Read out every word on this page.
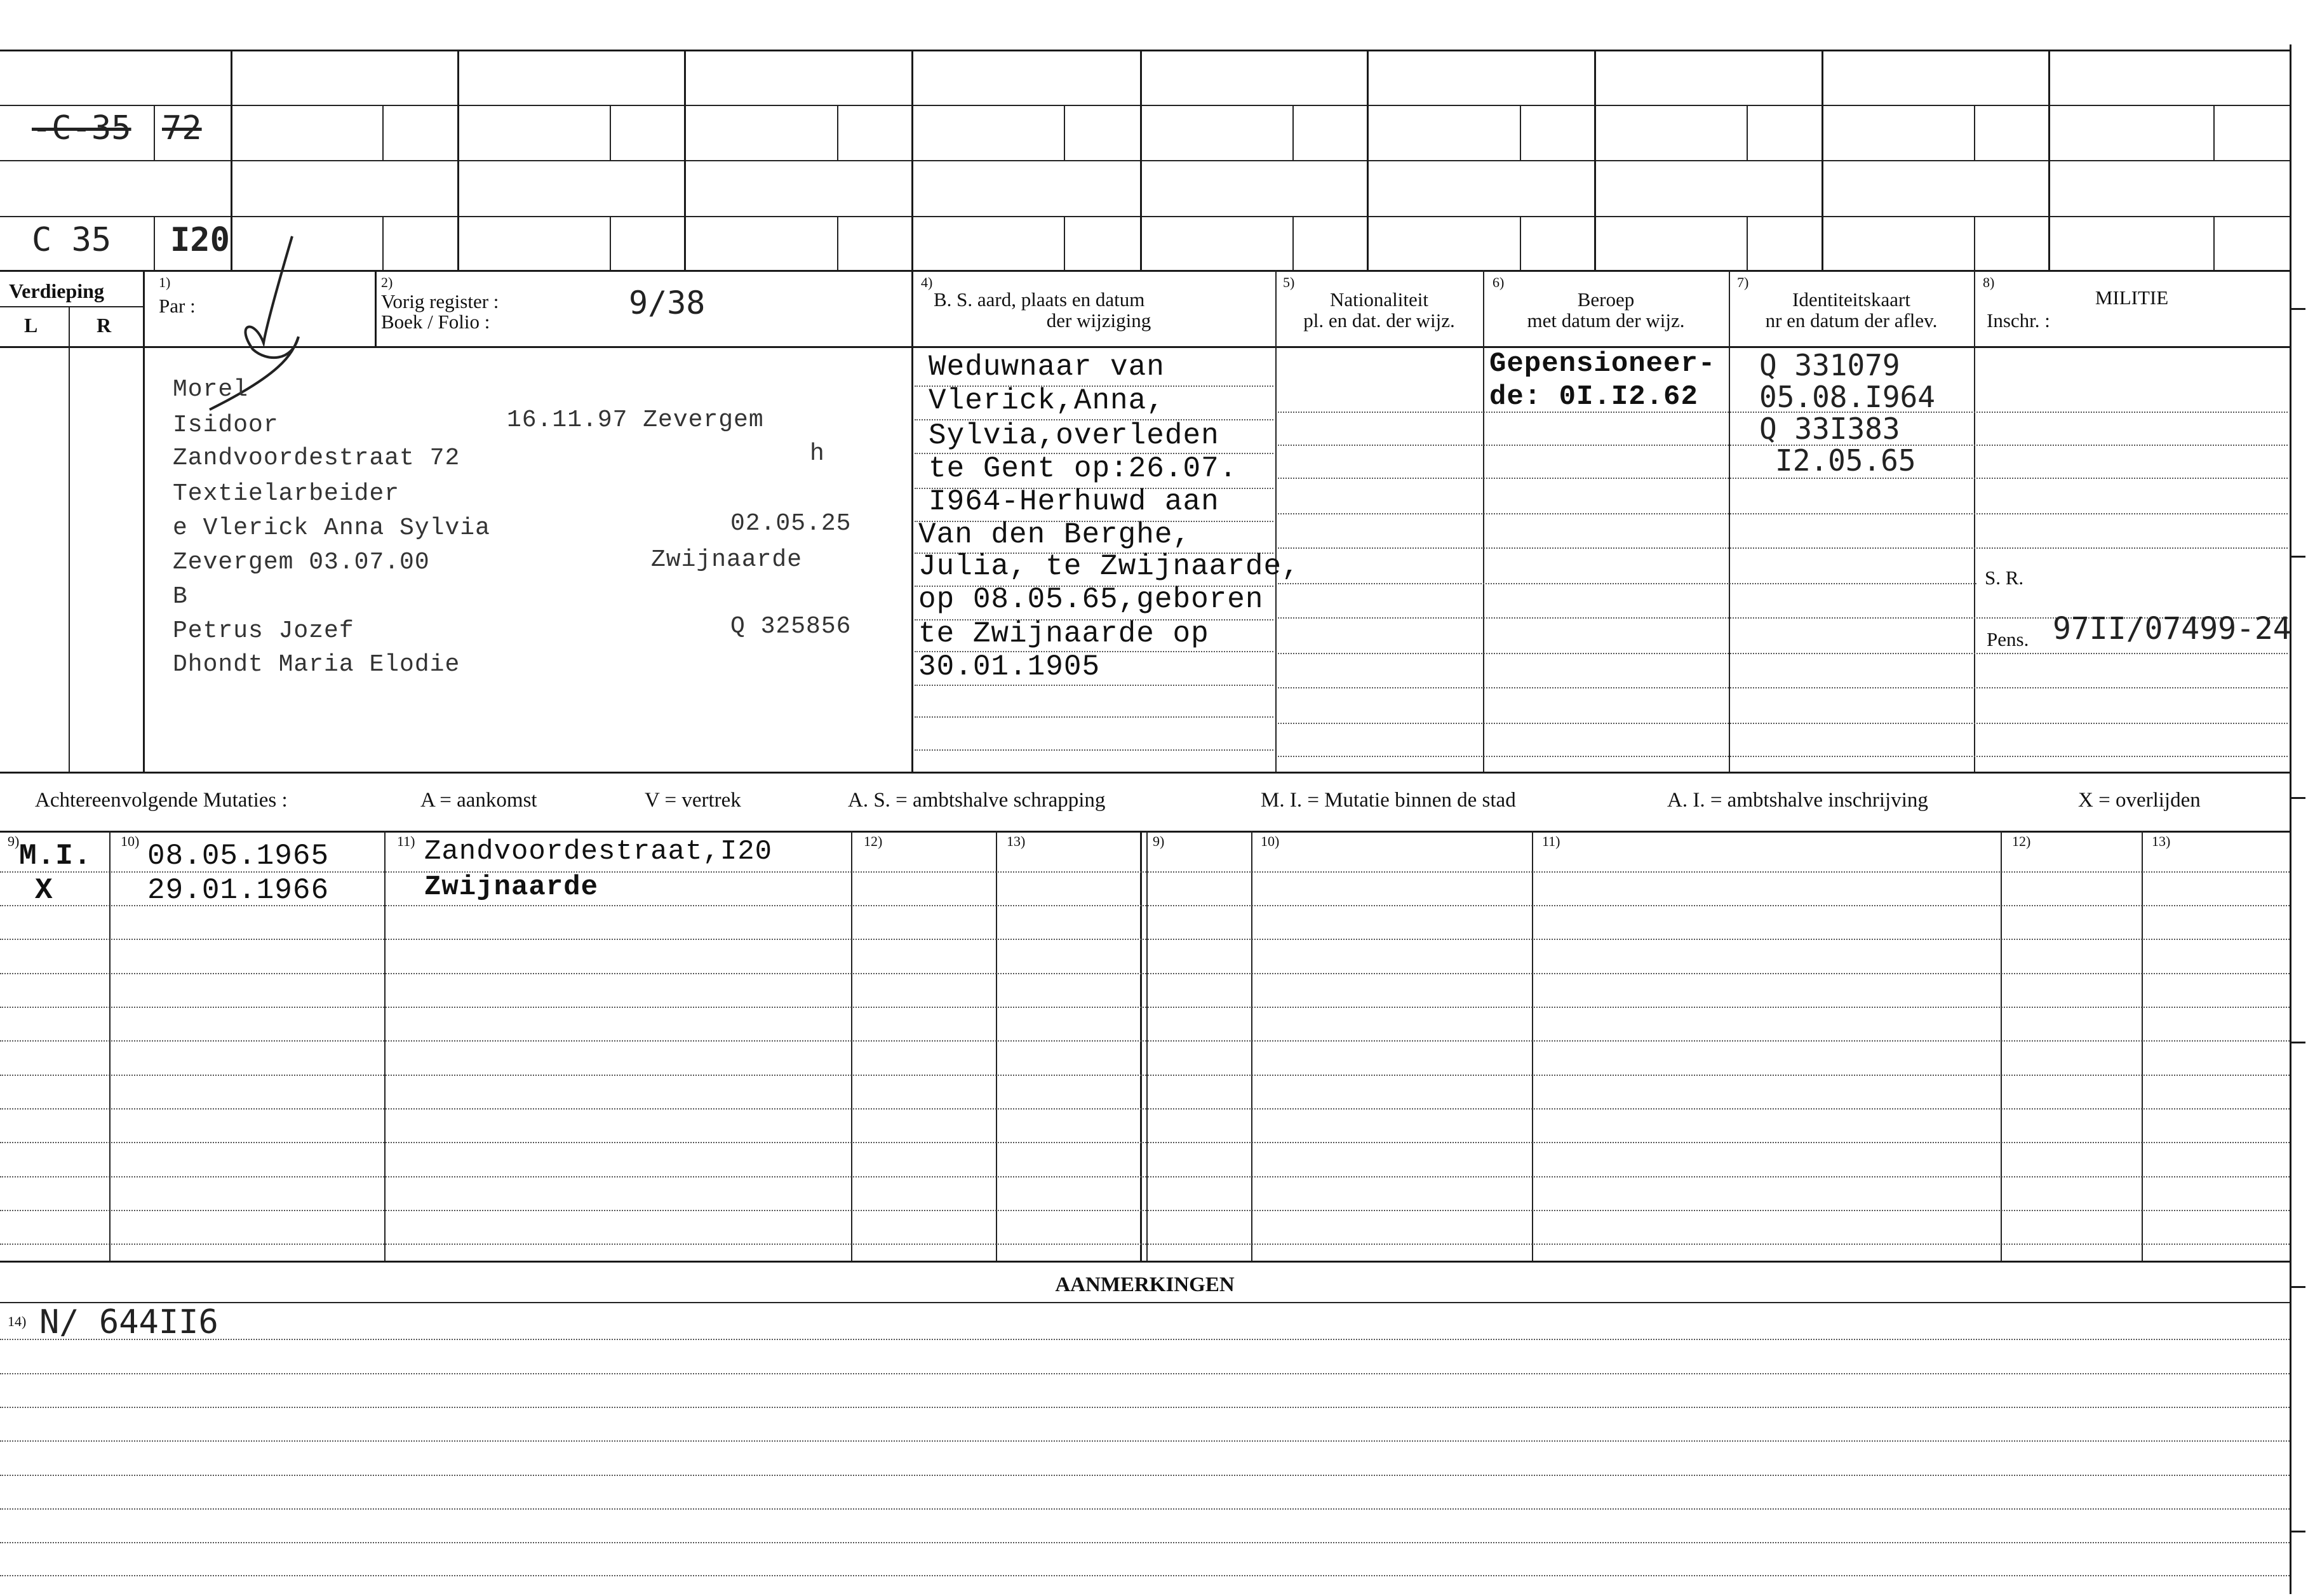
-C-35 72
C 35 I20
Verdieping
L	R
1)
Par :
2)
Vorig register :
Boek / Folio :
9/38
4)
B. S. aard, plaats en datum
der wijziging
5)
Nationaliteit
pl. en dat. der wijz.
6)
Beroep
met datum der wijz.
7)
Identiteitskaart
nr en datum der aflev.
8)
MILITIE
Inschr. :
Morel
Isidoor	16.11.97 Zevergem
Zandvoordestraat 72	h
Textielarbeider
e Vlerick Anna Sylvia	02.05.25
Zevergem 03.07.00	Zwijnaarde
B
Petrus Jozef	Q 325856
Dhondt Maria Elodie
Weduwnaar van
Vlerick,Anna,
Sylvia,overleden
te Gent op:26.07.
I964-Herhuwd aan
Van den Berghe,
Julia, te Zwijnaarde,
op 08.05.65,geboren
te Zwijnaarde op
30.01.1905
Gepensioneer-
de: 0I.I2.62
Q 331079
05.08.I964
Q 33I383
I2.05.65
S. R.
Pens. 97II/07499-24
Achtereenvolgende Mutaties :	A = aankomst	V = vertrek	A. S. = ambtshalve schrapping	M. I. = Mutatie binnen de stad	A. I. = ambtshalve inschrijving	X = overlijden
9)	10)	11)	12)	13)	9)	10)	11)	12)	13)
M.I. 08.05.1965	Zandvoordestraat,I20
X	29.01.1966	Zwijnaarde
AANMERKINGEN
14) N/ 644II6
